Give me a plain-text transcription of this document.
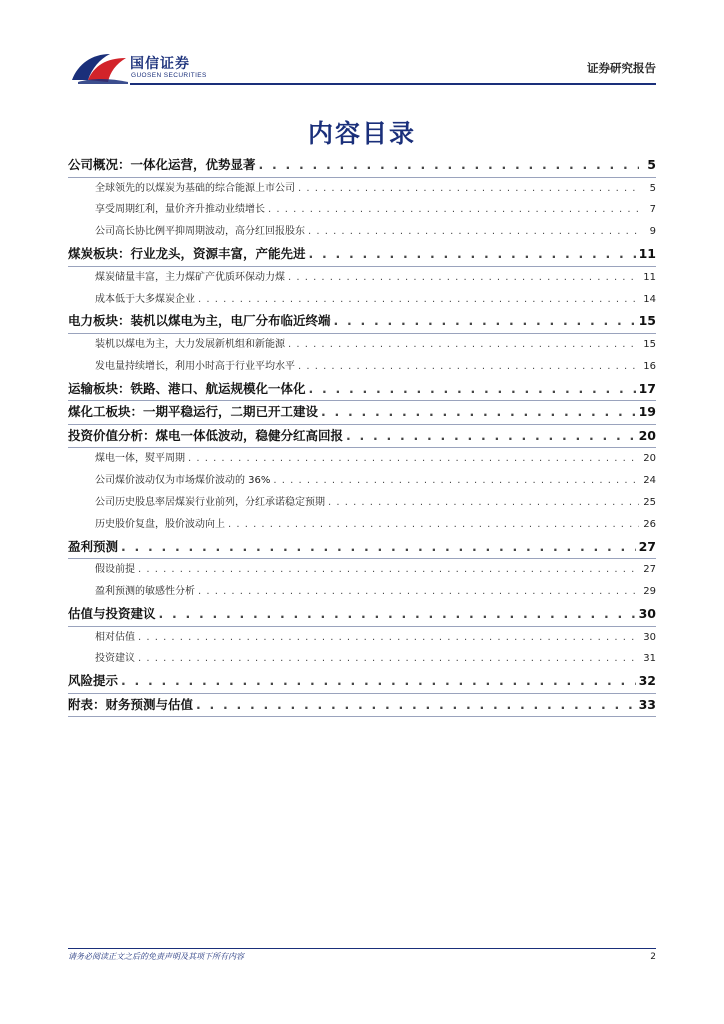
国信证券
GUOSEN SECURITIES
证券研究报告
内容目录
公司概况：一体化运营，优势显著 . . .	5
全球领先的以煤炭为基础的综合能源上市公司 . . .	5
享受周期红利，量价齐升推动业绩增长 . . .	7
公司高长协比例平抑周期波动，高分红回报股东 . . .	9
煤炭板块：行业龙头，资源丰富，产能先进 . . .	11
煤炭储量丰富，主力煤矿产优质环保动力煤 . . .	11
成本低于大多煤炭企业 . . .	14
电力板块：装机以煤电为主，电厂分布临近终端 . . .	15
装机以煤电为主，大力发展新机组和新能源 . . .	15
发电量持续增长，利用小时高于行业平均水平 . . .	16
运输板块：铁路、港口、航运规模化一体化 . . .	17
煤化工板块：一期平稳运行，二期已开工建设 . . .	19
投资价值分析：煤电一体低波动，稳健分红高回报 . . .	20
煤电一体，熨平周期 . . .	20
公司煤价波动仅为市场煤价波动的 36% . . .	24
公司历史股息率居煤炭行业前列，分红承诺稳定预期 . . .	25
历史股价复盘，股价波动向上 . . .	26
盈利预测 . . .	27
假设前提 . . .	27
盈利预测的敏感性分析 . . .	29
估值与投资建议 . . .	30
相对估值 . . .	30
投资建议 . . .	31
风险提示 . . .	32
附表：财务预测与估值 . . .	33
请务必阅读正文之后的免责声明及其项下所有内容	2
